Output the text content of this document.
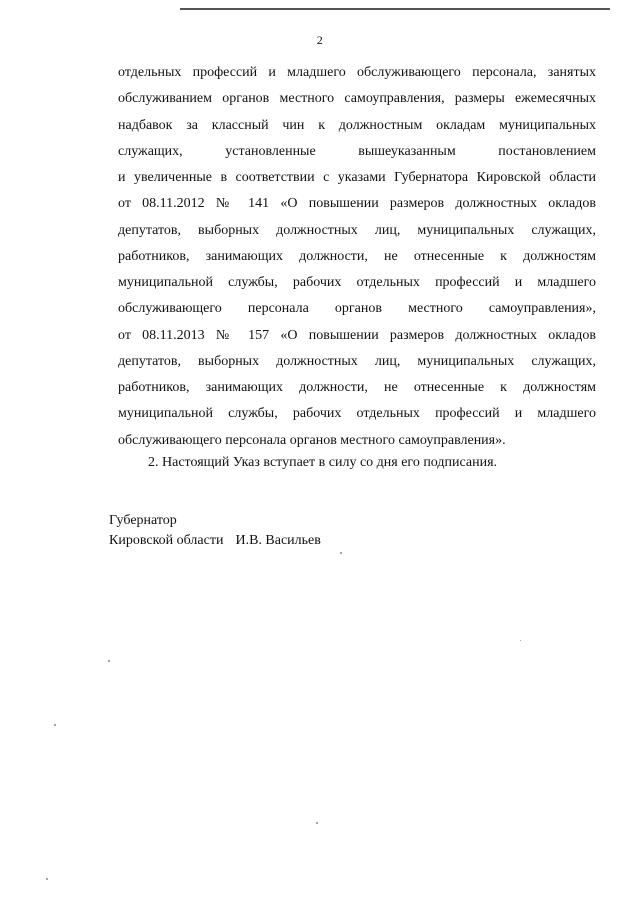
2
отдельных профессий и младшего обслуживающего персонала, занятых
обслуживанием органов местного самоуправления, размеры ежемесячных
надбавок за классный чин к должностным окладам муниципальных
служащих, установленные вышеуказанным постановлением
и увеличенные в соответствии с указами Губернатора Кировской области
от 08.11.2012 № 141 «О повышении размеров должностных окладов
депутатов, выборных должностных лиц, муниципальных служащих,
работников, занимающих должности, не отнесенные к должностям
муниципальной службы, рабочих отдельных профессий и младшего
обслуживающего персонала органов местного самоуправления»,
от 08.11.2013 № 157 «О повышении размеров должностных окладов
депутатов, выборных должностных лиц, муниципальных служащих,
работников, занимающих должности, не отнесенные к должностям
муниципальной службы, рабочих отдельных профессий и младшего
обслуживающего персонала органов местного самоуправления».
2. Настоящий Указ вступает в силу со дня его подписания.
Губернатор
Кировской области И.В. Васильев
